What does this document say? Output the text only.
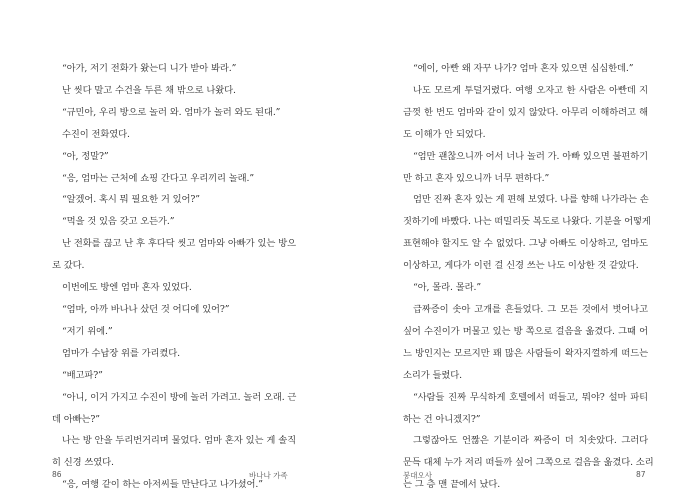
“아가, 저기 전화가 왔는디 니가 받아 봐라.”
난 씻다 말고 수건을 두른 채 밖으로 나왔다.
“규민아, 우리 방으로 놀러 와. 엄마가 놀러 와도 된대.”
수진이 전화였다.
“아, 정말?”
“응, 엄마는 근처에 쇼핑 간다고 우리끼리 놀래.”
“알겠어. 혹시 뭐 필요한 거 있어?”
“먹을 것 있음 갖고 오든가.”
난 전화를 끊고 난 후 후다닥 씻고 엄마와 아빠가 있는 방으
로 갔다.
이번에도 방엔 엄마 혼자 있었다.
“엄마, 아까 바나나 샀던 것 어디에 있어?”
“저기 위에.”
엄마가 수납장 위를 가리켰다.
“배고파?”
“아니, 이거 가지고 수진이 방에 놀러 가려고. 놀러 오래. 근
데 아빠는?”
나는 방 안을 두리번거리며 물었다. 엄마 혼자 있는 게 솔직
히 신경 쓰였다.
“응, 여행 같이 하는 아저씨들 만난다고 나가셨어.”
86	바나나 가족
“에이, 아빤 왜 자꾸 나가? 엄마 혼자 있으면 심심한데.”
나도 모르게 투덜거렸다. 여행 오자고 한 사람은 아빤데 지
금껏 한 번도 엄마와 같이 있지 않았다. 아무리 이해하려고 해
도 이해가 안 되었다.
“엄만 괜찮으니까 어서 너나 놀러 가. 아빠 있으면 불편하기
만 하고 혼자 있으니까 너무 편하다.”
엄만 진짜 혼자 있는 게 편해 보였다. 나를 향해 나가라는 손
짓하기에 바빴다. 나는 떠밀리듯 복도로 나왔다. 기분을 어떻게
표현해야 할지도 알 수 없었다. 그냥 아빠도 이상하고, 엄마도
이상하고, 게다가 이런 걸 신경 쓰는 나도 이상한 것 같았다.
“아, 몰라. 몰라.”
급짜증이 솟아 고개를 흔들었다. 그 모든 것에서 벗어나고
싶어 수진이가 머물고 있는 방 쪽으로 걸음을 옮겼다. 그때 어
느 방인지는 모르지만 꽤 많은 사람들이 왁자지껄하게 떠드는
소리가 들렸다.
“사람들 진짜 무식하게 호텔에서 떠들고, 뭐야? 설마 파티
하는 건 아니겠지?”
그렇잖아도 언짢은 기분이라 짜증이 더 치솟았다. 그러다
문득 대체 누가 저리 떠들까 싶어 그쪽으로 걸음을 옮겼다. 소리
는 그 층 맨 끝에서 났다.
붕대오사	87
